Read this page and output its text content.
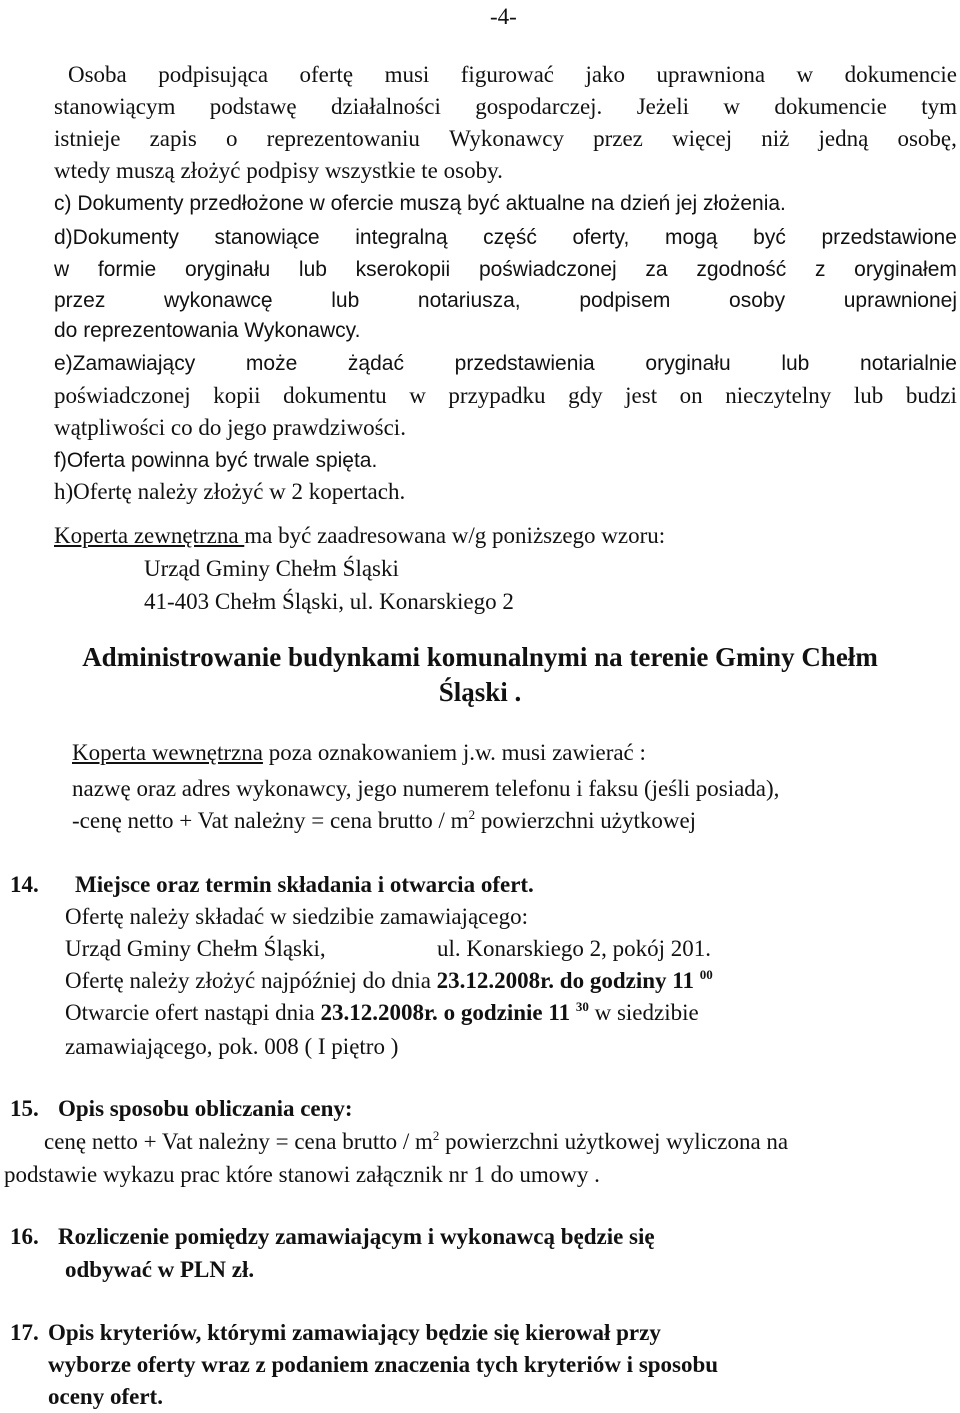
-4-
Osoba podpisująca ofertę musi figurować jako uprawniona w dokumencie
stanowiącym podstawę działalności gospodarczej. Jeżeli w dokumencie tym
istnieje zapis o reprezentowaniu Wykonawcy przez więcej niż jedną osobę,
wtedy muszą złożyć podpisy wszystkie te osoby.
c) Dokumenty przedłożone w ofercie muszą być aktualne na dzień jej złożenia.
d)Dokumenty stanowiące integralną część oferty, mogą być przedstawione
w formie oryginału lub kserokopii poświadczonej za zgodność z oryginałem
przez	wykonawcę	lub	notariusza,	podpisem	osoby	uprawnionej
do reprezentowania Wykonawcy.
e)Zamawiający może żądać przedstawienia oryginału lub notarialnie
poświadczonej kopii dokumentu w przypadku gdy jest on nieczytelny lub budzi
wątpliwości co do jego prawdziwości.
f)Oferta powinna być trwale spięta.
h)Ofertę należy złożyć w 2 kopertach.
Koperta zewnętrzna ma być zaadresowana w/g poniższego wzoru:
Urząd Gminy Chełm Śląski
41-403 Chełm Śląski, ul. Konarskiego 2
Administrowanie budynkami komunalnymi na terenie Gminy Chełm
Śląski .
Koperta wewnętrzna poza oznakowaniem j.w. musi zawierać :
nazwę oraz adres wykonawcy, jego numerem telefonu i faksu (jeśli posiada),
-cenę netto + Vat należny = cena brutto / $m^2$ powierzchni użytkowej
14. Miejsce oraz termin składania i otwarcia ofert.
Ofertę należy składać w siedzibie zamawiającego:
Urząd Gminy Chełm Śląski,	ul. Konarskiego 2, pokój 201.
Ofertę należy złożyć najpóźniej do dnia 23.12.2008r. do godziny 11 $^{00}$
Otwarcie ofert nastąpi dnia 23.12.2008r. o godzinie 11 $^{30}$ w siedzibie
zamawiającego, pok. 008 ( I piętro )
15. Opis sposobu obliczania ceny:
cenę netto + Vat należny = cena brutto / $m^2$ powierzchni użytkowej wyliczona na
podstawie wykazu prac które stanowi załącznik nr 1 do umowy .
16. Rozliczenie pomiędzy zamawiającym i wykonawcą będzie się
odbywać w PLN zł.
17. Opis kryteriów, którymi zamawiający będzie się kierował przy
wyborze oferty wraz z podaniem znaczenia tych kryteriów i sposobu
oceny ofert.
